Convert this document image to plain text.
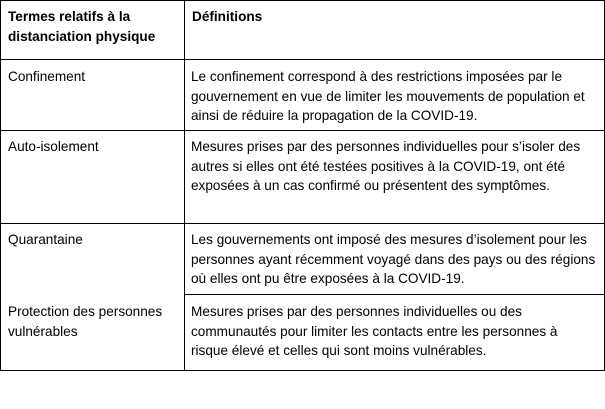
Termes relatifs à la distanciation physique	Définitions
Confinement	Le confinement correspond à des restrictions imposées par le gouvernement en vue de limiter les mouvements de population et ainsi de réduire la propagation de la COVID-19.
Auto-isolement	Mesures prises par des personnes individuelles pour s’isoler des autres si elles ont été testées positives à la COVID-19, ont été exposées à un cas confirmé ou présentent des symptômes.
Quarantaine	Les gouvernements ont imposé des mesures d’isolement pour les personnes ayant récemment voyagé dans des pays ou des régions où elles ont pu être exposées à la COVID-19.
Protection des personnes vulnérables	Mesures prises par des personnes individuelles ou des communautés pour limiter les contacts entre les personnes à risque élevé et celles qui sont moins vulnérables.
